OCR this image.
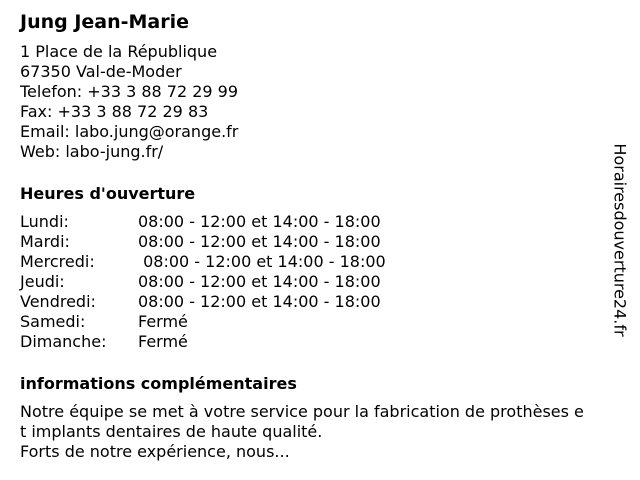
Jung Jean-Marie
1 Place de la République
67350 Val-de-Moder
Telefon: +33 3 88 72 29 99
Fax: +33 3 88 72 29 83
Email: labo.jung@orange.fr
Web: labo-jung.fr/
Heures d'ouverture
Lundi:	08:00 - 12:00 et 14:00 - 18:00
Mardi:	08:00 - 12:00 et 14:00 - 18:00
Mercredi:	08:00 - 12:00 et 14:00 - 18:00
Jeudi:	08:00 - 12:00 et 14:00 - 18:00
Vendredi:	08:00 - 12:00 et 14:00 - 18:00
Samedi:	Fermé
Dimanche:	Fermé
informations complémentaires
Notre équipe se met à votre service pour la fabrication de prothèses e
t implants dentaires de haute qualité.
Forts de notre expérience, nous...
Horairesdouverture24.fr
